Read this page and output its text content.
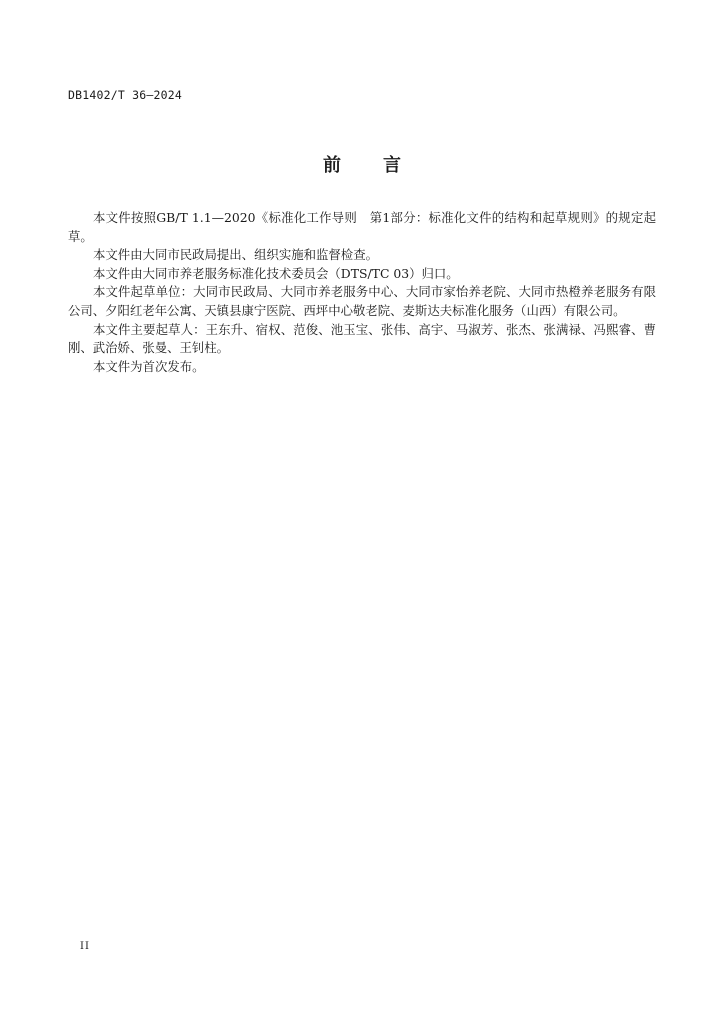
DB1402/T 36—2024
前 言

本文件按照GB/T 1.1—2020《标准化工作导则　第1部分：标准化文件的结构和起草规则》的规定起草。

本文件由大同市民政局提出、组织实施和监督检查。

本文件由大同市养老服务标准化技术委员会（DTS/TC 03）归口。

本文件起草单位：大同市民政局、大同市养老服务中心、大同市家怡养老院、大同市热橙养老服务有限公司、夕阳红老年公寓、天镇县康宁医院、西坪中心敬老院、麦斯达夫标准化服务（山西）有限公司。

本文件主要起草人：王东升、宿权、范俊、池玉宝、张伟、高宇、马淑芳、张杰、张满禄、冯熙睿、曹刚、武治娇、张曼、王钊柱。

本文件为首次发布。

II
